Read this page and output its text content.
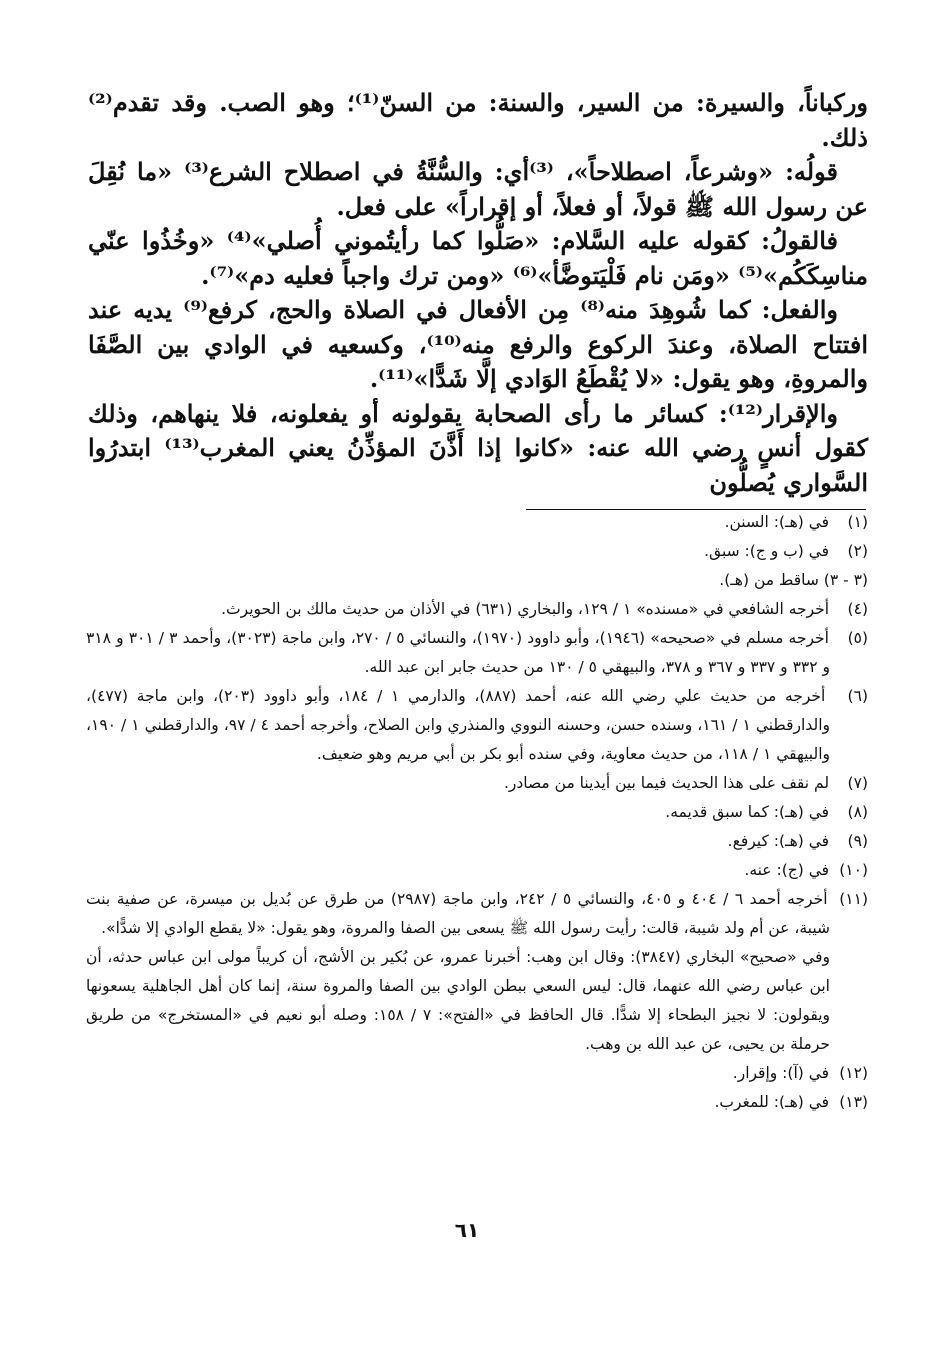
وركباناً، والسيرة: من السير، والسنة: من السنّ⁽¹⁾؛ وهو الصب. وقد تقدم⁽²⁾ ذلك.

قولُه: «وشرعاً، اصطلاحاً»، ⁽³⁾أي: والسُّنَّةُ في اصطلاح الشرع⁽³⁾ «ما نُقِلَ عن رسول الله ﷺ قولاً، أو فعلاً، أو إقراراً» على فعل.

فالقولُ: كقوله عليه السَّلام: «صَلُّوا كما رأيتُموني أُصلي»⁽⁴⁾ «وخُذُوا عنّي مناسِكَكُم»⁽⁵⁾ «ومَن نام فَلْيَتوضَّأ»⁽⁶⁾ «ومن ترك واجباً فعليه دم»⁽⁷⁾.

والفعل: كما شُوهِدَ منه⁽⁸⁾ مِن الأفعال في الصلاة والحج، كرفع⁽⁹⁾ يديه عند افتتاح الصلاة، وعندَ الركوع والرفع منه⁽¹⁰⁾، وكسعيه في الوادي بين الصَّفَا والمروةِ، وهو يقول: «لا يُقْطَعُ الوَادي إلَّا شَدًّا»⁽¹¹⁾.

والإقرار⁽¹²⁾: كسائر ما رأى الصحابة يقولونه أو يفعلونه، فلا ينهاهم، وذلك كقول أنسٍ رضي الله عنه: «كانوا إذا أَذَّنَ المؤذِّنُ يعني المغرب⁽¹³⁾ ابتدرُوا السَّواري يُصلُّون

(١) في (هـ): السنن.

(٢) في (ب و ج): سبق.

(٣ - ٣) ساقط من (هـ).

(٤) أخرجه الشافعي في «مسنده» ١ / ١٢٩، والبخاري (٦٣١) في الأذان من حديث مالك بن الحويرث.

(٥) أخرجه مسلم في «صحيحه» (١٩٤٦)، وأبو داوود (١٩٧٠)، والنسائي ٥ / ٢٧٠، وابن ماجة (٣٠٢٣)، وأحمد ٣ / ٣٠١ و ٣١٨ و ٣٣٢ و ٣٣٧ و ٣٦٧ و ٣٧٨، والبيهقي ٥ / ١٣٠ من حديث جابر ابن عبد الله.

(٦) أخرجه من حديث علي رضي الله عنه، أحمد (٨٨٧)، والدارمي ١ / ١٨٤، وأبو داوود (٢٠٣)، وابن ماجة (٤٧٧)، والدارقطني ١ / ١٦١، وسنده حسن، وحسنه النووي والمنذري وابن الصلاح، وأخرجه أحمد ٤ / ٩٧، والدارقطني ١ / ١٩٠، والبيهقي ١ / ١١٨، من حديث معاوية، وفي سنده أبو بكر بن أبي مريم وهو ضعيف.

(٧) لم نقف على هذا الحديث فيما بين أيدينا من مصادر.

(٨) في (هـ): كما سبق قديمه.

(٩) في (هـ): كيرفع.

(١٠) في (ج): عنه.

(١١) أخرجه أحمد ٦ / ٤٠٤ و ٤٠٥، والنسائي ٥ / ٢٤٢، وابن ماجة (٢٩٨٧) من طرق عن بُديل بن ميسرة، عن صفية بنت شيبة، عن أم ولد شيبة، قالت: رأيت رسول الله ﷺ يسعى بين الصفا والمروة، وهو يقول: «لا يقطع الوادي إلا شدًّا».

وفي «صحيح» البخاري (٣٨٤٧): وقال ابن وهب: أخبرنا عمرو، عن بُكير بن الأشج، أن كريباً مولى ابن عباس حدثه، أن ابن عباس رضي الله عنهما، قال: ليس السعي ببطن الوادي بين الصفا والمروة سنة، إنما كان أهل الجاهلية يسعونها ويقولون: لا نجيز البطحاء إلا شدًّا. قال الحافظ في «الفتح»: ٧ / ١٥٨: وصله أبو نعيم في «المستخرج» من طريق حرملة بن يحيى، عن عبد الله بن وهب.

(١٢) في (آ): وإقرار.

(١٣) في (هـ): للمغرب.

٦١
